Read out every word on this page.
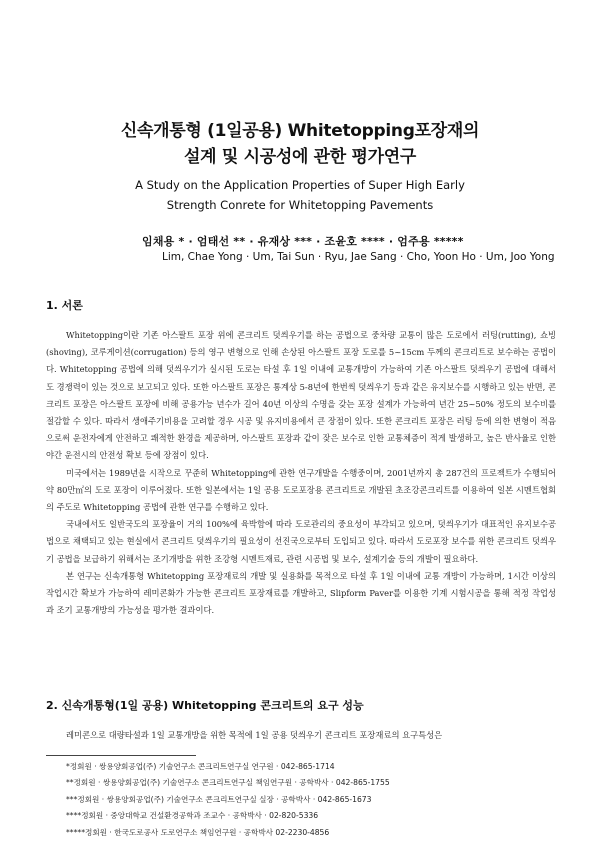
신속개통형 (1일공용) Whitetopping포장재의
설계 및 시공성에 관한 평가연구
A Study on the Application Properties of Super High Early
Strength Conrete for Whitetopping Pavements
임채용 * · 엄태선 ** · 유재상 *** · 조윤호 **** · 엄주용 *****
Lim, Chae Yong · Um, Tai Sun · Ryu, Jae Sang · Cho, Yoon Ho · Um, Joo Yong
1. 서론

Whitetopping이란 기존 아스팔트 포장 위에 콘크리트 덧씌우기를 하는 공법으로 중차량 교통이 많은 도로에서 러팅(rutting), 쇼빙(shoving), 코루게이션(corrugation) 등의 영구 변형으로 인해 손상된 아스팔트 포장 도로를 5~15cm 두께의 콘크리트로 보수하는 공법이다. Whitetopping 공법에 의해 덧씌우기가 실시된 도로는 타설 후 1일 이내에 교통개방이 가능하여 기존 아스팔트 덧씌우기 공법에 대해서도 경쟁력이 있는 것으로 보고되고 있다. 또한 아스팔트 포장은 통계상 5-8년에 한번씩 덧씌우기 등과 같은 유지보수를 시행하고 있는 반면, 콘크리트 포장은 아스팔트 포장에 비해 공용가능 년수가 길어 40년 이상의 수명을 갖는 포장 설계가 가능하여 년간 25~50% 정도의 보수비를 절감할 수 있다. 따라서 생애주기비용을 고려할 경우 시공 및 유지비용에서 큰 장점이 있다. 또한 콘크리트 포장은 러팅 등에 의한 변형이 적음으로써 운전자에게 안전하고 쾌적한 환경을 제공하며, 아스팔트 포장과 같이 잦은 보수로 인한 교통체증이 적게 발생하고, 높은 반사율로 인한 야간 운전시의 안전성 확보 등에 장점이 있다.

미국에서는 1989년을 시작으로 꾸준히 Whitetopping에 관한 연구개발을 수행중이며, 2001년까지 총 287건의 프로젝트가 수행되어 약 80만㎡의 도로 포장이 이루어졌다. 또한 일본에서는 1일 공용 도로포장용 콘크리트로 개발된 초조강콘크리트를 이용하여 일본 시멘트협회의 주도로 Whitetopping 공법에 관한 연구를 수행하고 있다.

국내에서도 일반국도의 포장율이 거의 100%에 육박함에 따라 도로관리의 중요성이 부각되고 있으며, 덧씌우기가 대표적인 유지보수공법으로 채택되고 있는 현실에서 콘크리트 덧씌우기의 필요성이 선진국으로부터 도입되고 있다. 따라서 도로포장 보수를 위한 콘크리트 덧씌우기 공법을 보급하기 위해서는 조기개방을 위한 조강형 시멘트재료, 관련 시공법 및 보수, 설계기술 등의 개발이 필요하다.

본 연구는 신속개통형 Whitetopping 포장재료의 개발 및 실용화를 목적으로 타설 후 1일 이내에 교통 개방이 가능하며, 1시간 이상의 작업시간 확보가 가능하여 레미콘화가 가능한 콘크리트 포장재료를 개발하고, Slipform Paver를 이용한 기계 시험시공을 통해 적정 작업성과 조기 교통개방의 가능성을 평가한 결과이다.

2. 신속개통형(1일 공용) Whitetopping 콘크리트의 요구 성능

레미콘으로 대량타설과 1일 교통개방을 위한 목적에 1일 공용 덧씌우기 콘크리트 포장재료의 요구특성은

*정회원 · 쌍용양회공업(주) 기술연구소 콘크리트연구실 연구원 · 042-865-1714
**정회원 · 쌍용양회공업(주) 기술연구소 콘크리트연구실 책임연구원 · 공학박사 · 042-865-1755
***정회원 · 쌍용양회공업(주) 기술연구소 콘크리트연구실 실장 · 공학박사 · 042-865-1673
****정회원 · 중앙대학교 건설환경공학과 조교수 · 공학박사 · 02-820-5336
*****정회원 · 한국도로공사 도로연구소 책임연구원 · 공학박사 02-2230-4856
